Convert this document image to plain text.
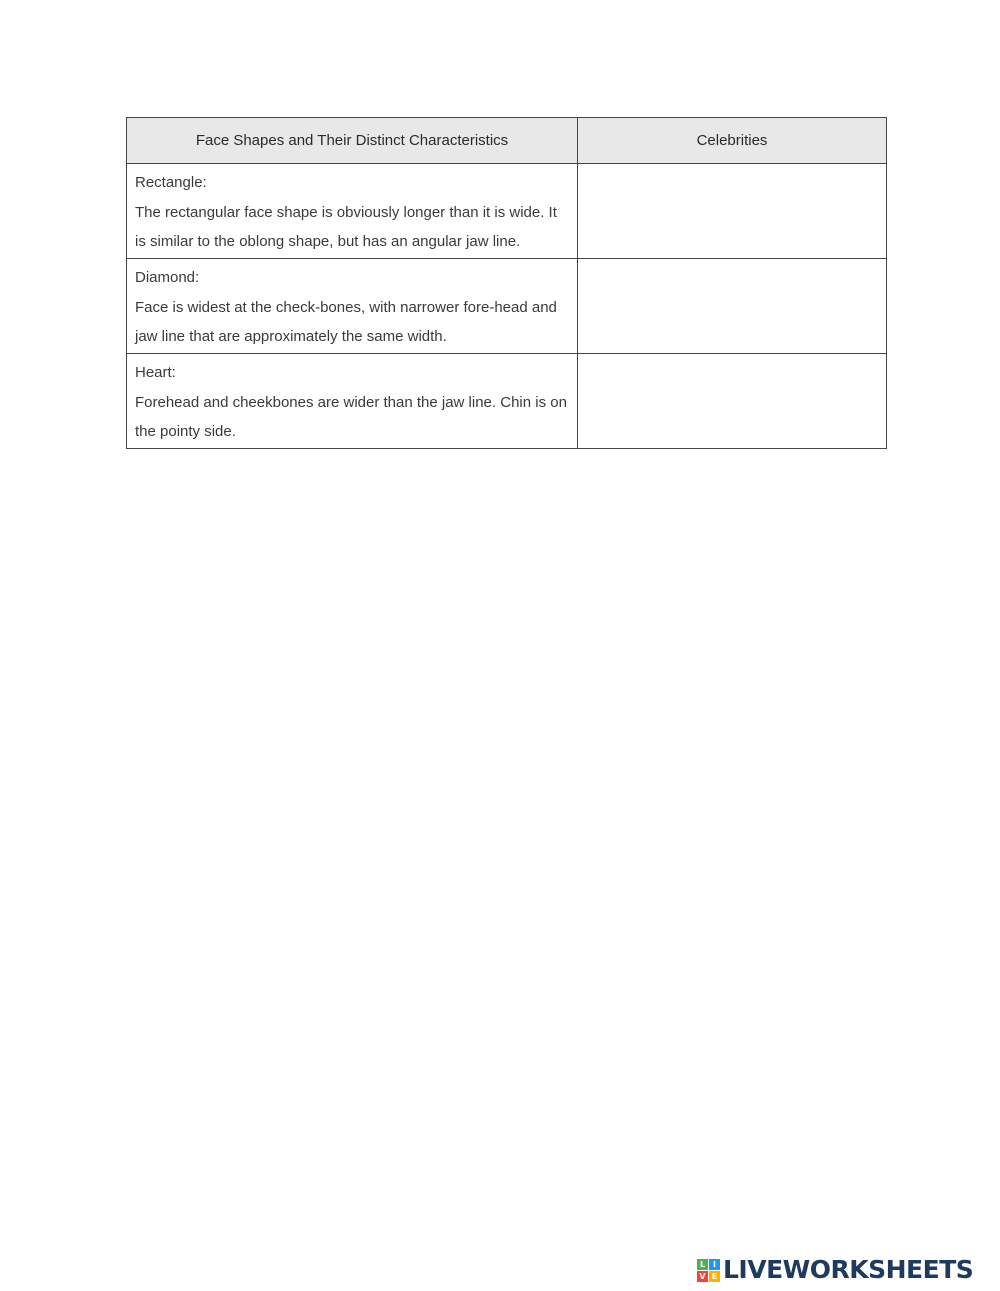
Face Shapes and Their Distinct Characteristics	Celebrities

Rectangle:
The rectangular face shape is obviously longer than it is wide. It is similar to the oblong shape, but has an angular jaw line.	

Diamond:
Face is widest at the check-bones, with narrower fore-head and jaw line that are approximately the same width.	

Heart:
Forehead and cheekbones are wider than the jaw line. Chin is on the pointy side.	

L I
V E LIVEWORKSHEETS
